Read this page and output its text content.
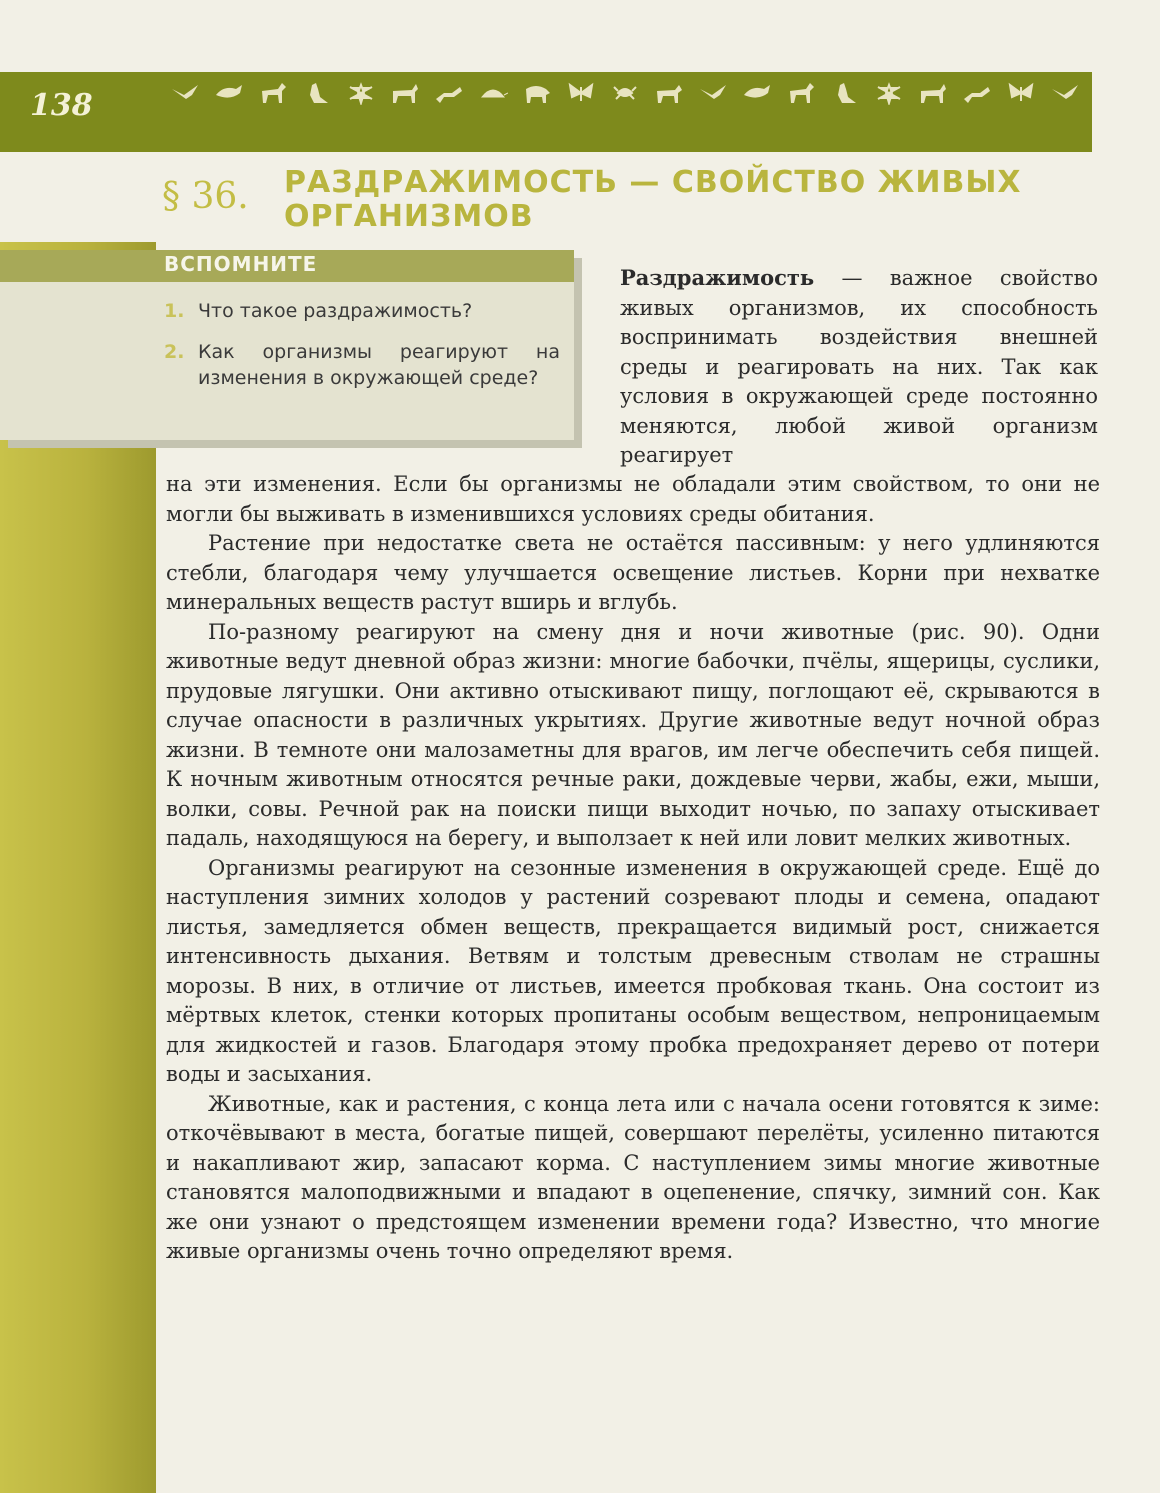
138
§ 36.	РАЗДРАЖИМОСТЬ — СВОЙСТВО ЖИВЫХ ОРГАНИЗМОВ
ВСПОМНИТЕ
1. Что такое раздражимость?
2. Как организмы реагируют на изменения в окружающей среде?
Раздражимость — важное свойство живых организмов, их способность воспринимать воздействия внешней среды и реагировать на них. Так как условия в окружающей среде постоянно меняются, любой живой организм реагирует

на эти изменения. Если бы организмы не обладали этим свойством, то они не могли бы выживать в изменившихся условиях среды обитания.

Растение при недостатке света не остаётся пассивным: у него удлиняются стебли, благодаря чему улучшается освещение листьев. Корни при нехватке минеральных веществ растут вширь и вглубь.

По-разному реагируют на смену дня и ночи животные (рис. 90). Одни животные ведут дневной образ жизни: многие бабочки, пчёлы, ящерицы, суслики, прудовые лягушки. Они активно отыскивают пищу, поглощают её, скрываются в случае опасности в различных укрытиях. Другие животные ведут ночной образ жизни. В темноте они малозаметны для врагов, им легче обеспечить себя пищей. К ночным животным относятся речные раки, дождевые черви, жабы, ежи, мыши, волки, совы. Речной рак на поиски пищи выходит ночью, по запаху отыскивает падаль, находящуюся на берегу, и выползает к ней или ловит мелких животных.

Организмы реагируют на сезонные изменения в окружающей среде. Ещё до наступления зимних холодов у растений созревают плоды и семена, опадают листья, замедляется обмен веществ, прекращается видимый рост, снижается интенсивность дыхания. Ветвям и толстым древесным стволам не страшны морозы. В них, в отличие от листьев, имеется пробковая ткань. Она состоит из мёртвых клеток, стенки которых пропитаны особым веществом, непроницаемым для жидкостей и газов. Благодаря этому пробка предохраняет дерево от потери воды и засыхания.

Животные, как и растения, с конца лета или с начала осени готовятся к зиме: откочёвывают в места, богатые пищей, совершают перелёты, усиленно питаются и накапливают жир, запасают корма. С наступлением зимы многие животные становятся малоподвижными и впадают в оцепенение, спячку, зимний сон. Как же они узнают о предстоящем изменении времени года? Известно, что многие живые организмы очень точно определяют время.
